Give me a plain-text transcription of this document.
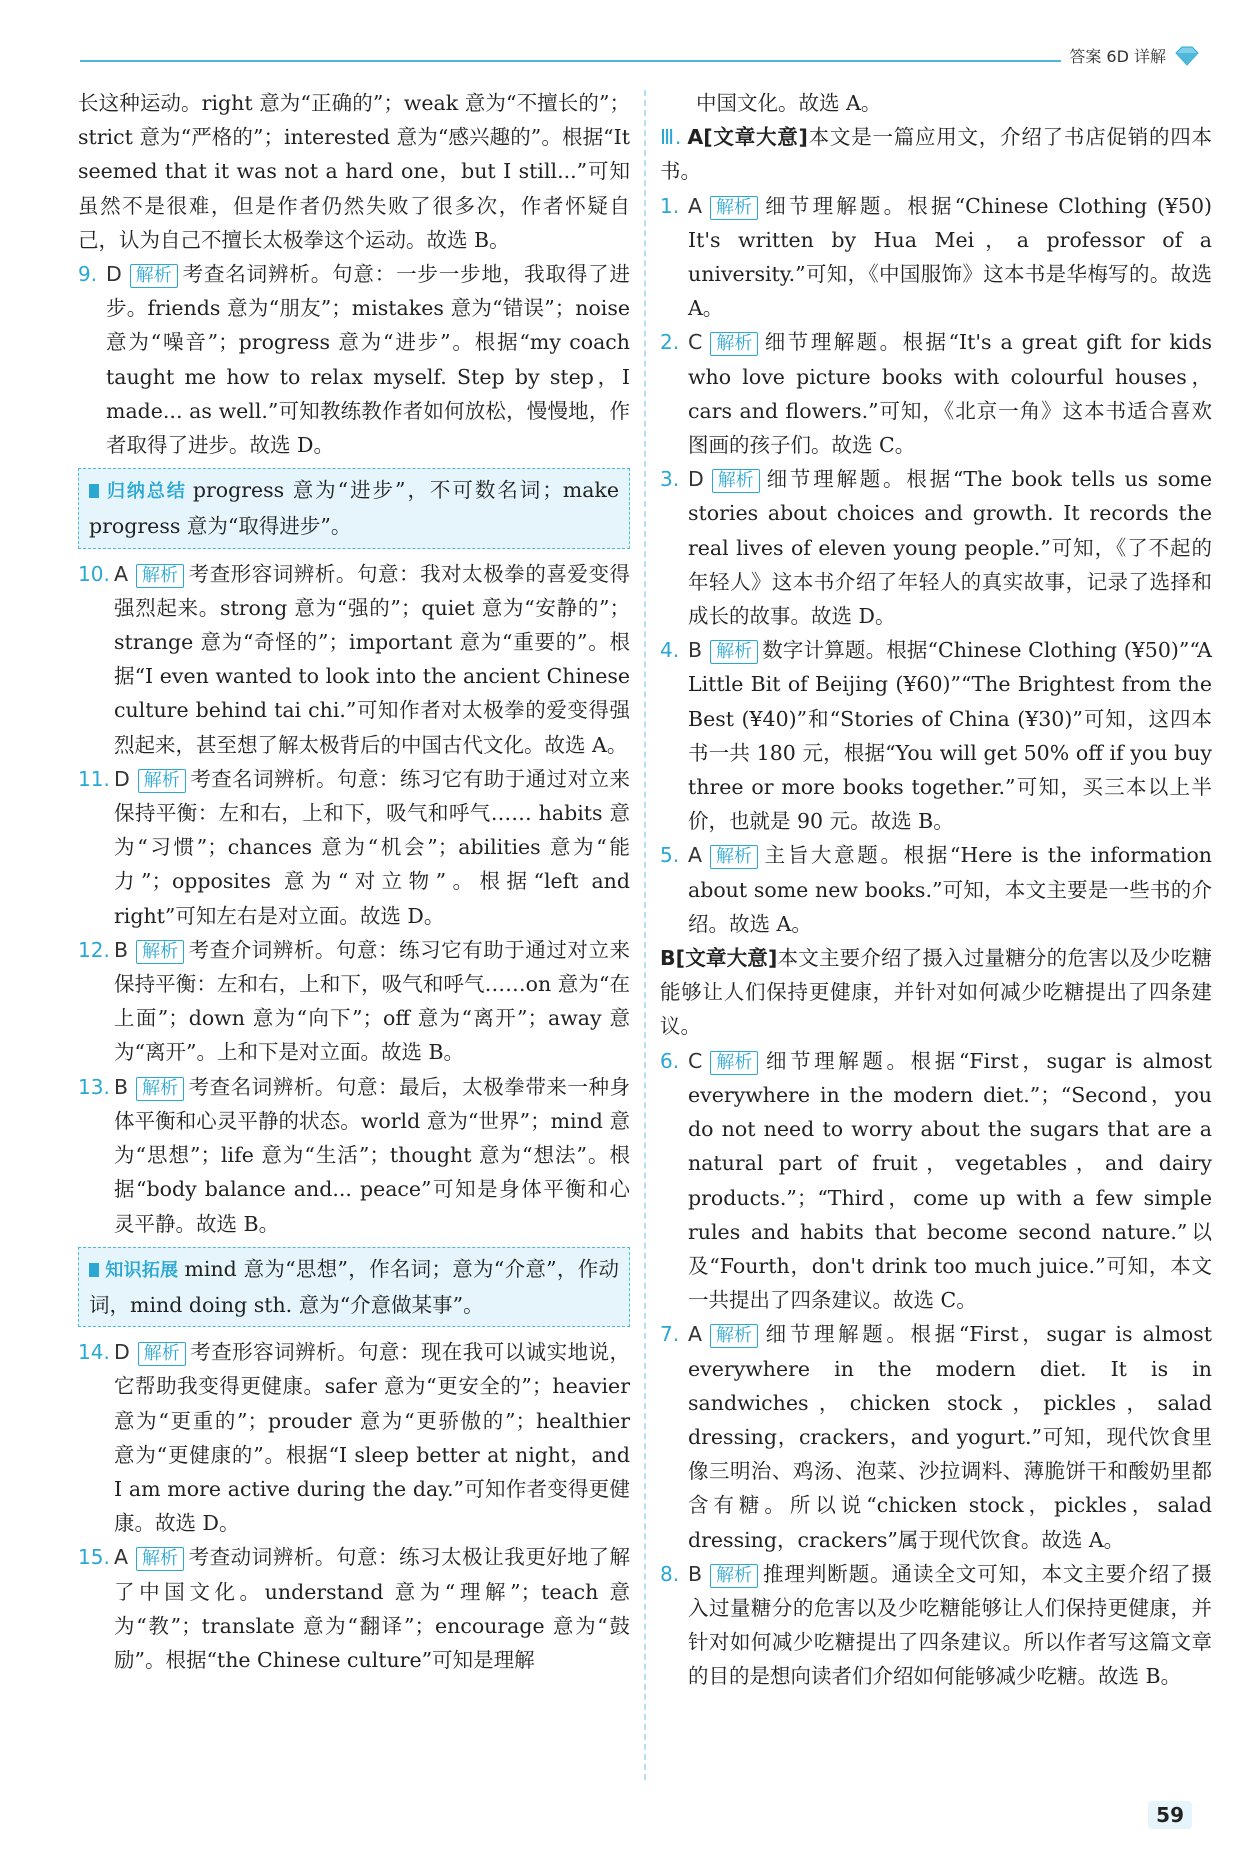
答案 6D 详解
长这种运动。right 意为“正确的”；weak 意为“不擅长的”；strict 意为“严格的”；interested 意为“感兴趣的”。根据“It seemed that it was not a hard one，but I still...”可知虽然不是很难，但是作者仍然失败了很多次，作者怀疑自己，认为自己不擅长太极拳这个运动。故选 B。
9. D 解析 考查名词辨析。句意：一步一步地，我取得了进步。friends 意为“朋友”；mistakes 意为“错误”；noise 意为“噪音”；progress 意为“进步”。根据“my coach taught me how to relax myself. Step by step，I made... as well.”可知教练教作者如何放松，慢慢地，作者取得了进步。故选 D。
归纳总结 progress 意为“进步”，不可数名词；make progress 意为“取得进步”。
10. A 解析 考查形容词辨析。句意：我对太极拳的喜爱变得强烈起来。strong 意为“强的”；quiet 意为“安静的”；strange 意为“奇怪的”；important 意为“重要的”。根据“I even wanted to look into the ancient Chinese culture behind tai chi.”可知作者对太极拳的爱变得强烈起来，甚至想了解太极背后的中国古代文化。故选 A。
11. D 解析 考查名词辨析。句意：练习它有助于通过对立来保持平衡：左和右，上和下，吸气和呼气…… habits 意为“习惯”；chances 意为“机会”；abilities 意为“能力”；opposites 意为“对立物”。根据“left and right”可知左右是对立面。故选 D。
12. B 解析 考查介词辨析。句意：练习它有助于通过对立来保持平衡：左和右，上和下，吸气和呼气……on 意为“在上面”；down 意为“向下”；off 意为“离开”；away 意为“离开”。上和下是对立面。故选 B。
13. B 解析 考查名词辨析。句意：最后，太极拳带来一种身体平衡和心灵平静的状态。world 意为“世界”；mind 意为“思想”；life 意为“生活”；thought 意为“想法”。根据“body balance and... peace”可知是身体平衡和心灵平静。故选 B。
知识拓展 mind 意为“思想”，作名词；意为“介意”，作动词，mind doing sth. 意为“介意做某事”。
14. D 解析 考查形容词辨析。句意：现在我可以诚实地说，它帮助我变得更健康。safer 意为“更安全的”；heavier 意为“更重的”；prouder 意为“更骄傲的”；healthier 意为“更健康的”。根据“I sleep better at night，and I am more active during the day.”可知作者变得更健康。故选 D。
15. A 解析 考查动词辨析。句意：练习太极让我更好地了解了中国文化。understand 意为“理解”；teach 意为“教”；translate 意为“翻译”；encourage 意为“鼓励”。根据“the Chinese culture”可知是理解
中国文化。故选 A。
Ⅲ. A[文章大意]本文是一篇应用文，介绍了书店促销的四本书。
1. A 解析 细节理解题。根据“Chinese Clothing (¥50) It's written by Hua Mei，a professor of a university.”可知，《中国服饰》这本书是华梅写的。故选 A。
2. C 解析 细节理解题。根据“It's a great gift for kids who love picture books with colourful houses，cars and flowers.”可知，《北京一角》这本书适合喜欢图画的孩子们。故选 C。
3. D 解析 细节理解题。根据“The book tells us some stories about choices and growth. It records the real lives of eleven young people.”可知，《了不起的年轻人》这本书介绍了年轻人的真实故事，记录了选择和成长的故事。故选 D。
4. B 解析 数字计算题。根据“Chinese Clothing (¥50)”“A Little Bit of Beijing (¥60)”“The Brightest from the Best (¥40)”和“Stories of China (¥30)”可知，这四本书一共 180 元，根据“You will get 50% off if you buy three or more books together.”可知，买三本以上半价，也就是 90 元。故选 B。
5. A 解析 主旨大意题。根据“Here is the information about some new books.”可知，本文主要是一些书的介绍。故选 A。
B[文章大意]本文主要介绍了摄入过量糖分的危害以及少吃糖能够让人们保持更健康，并针对如何减少吃糖提出了四条建议。
6. C 解析 细节理解题。根据“First，sugar is almost everywhere in the modern diet.”；“Second，you do not need to worry about the sugars that are a natural part of fruit，vegetables，and dairy products.”；“Third，come up with a few simple rules and habits that become second nature.”以及“Fourth，don't drink too much juice.”可知，本文一共提出了四条建议。故选 C。
7. A 解析 细节理解题。根据“First，sugar is almost everywhere in the modern diet. It is in sandwiches，chicken stock，pickles，salad dressing，crackers，and yogurt.”可知，现代饮食里像三明治、鸡汤、泡菜、沙拉调料、薄脆饼干和酸奶里都含有糖。所以说“chicken stock，pickles，salad dressing，crackers”属于现代饮食。故选 A。
8. B 解析 推理判断题。通读全文可知，本文主要介绍了摄入过量糖分的危害以及少吃糖能够让人们保持更健康，并针对如何减少吃糖提出了四条建议。所以作者写这篇文章的目的是想向读者们介绍如何能够减少吃糖。故选 B。
59
